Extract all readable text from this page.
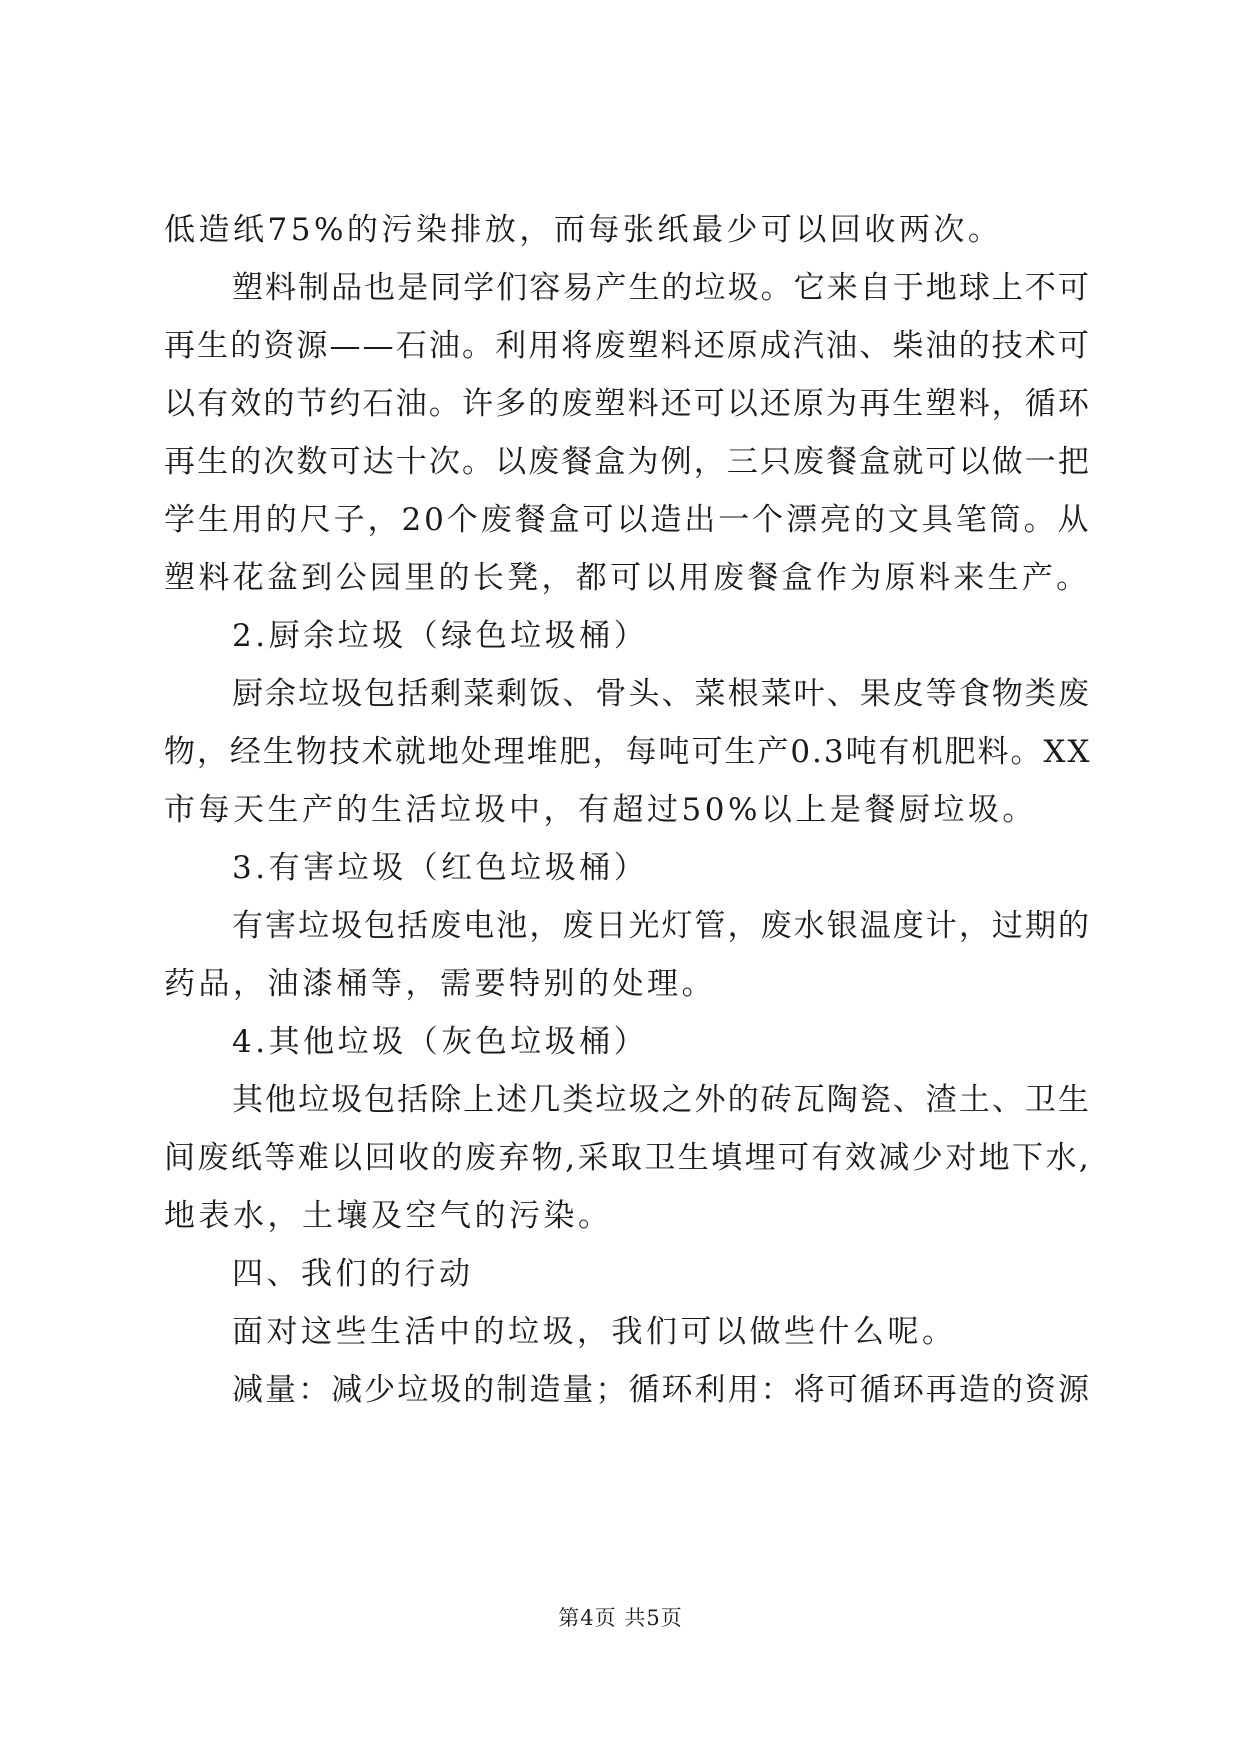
低造纸75%的污染排放，而每张纸最少可以回收两次。
塑料制品也是同学们容易产生的垃圾。它来自于地球上不可
再生的资源——石油。利用将废塑料还原成汽油、柴油的技术可
以有效的节约石油。许多的废塑料还可以还原为再生塑料，循环
再生的次数可达十次。以废餐盒为例，三只废餐盒就可以做一把
学生用的尺子，20个废餐盒可以造出一个漂亮的文具笔筒。从
塑料花盆到公园里的长凳，都可以用废餐盒作为原料来生产。
2.厨余垃圾（绿色垃圾桶）
厨余垃圾包括剩菜剩饭、骨头、菜根菜叶、果皮等食物类废
物，经生物技术就地处理堆肥，每吨可生产0.3吨有机肥料。XX
市每天生产的生活垃圾中，有超过50%以上是餐厨垃圾。
3.有害垃圾（红色垃圾桶）
有害垃圾包括废电池，废日光灯管，废水银温度计，过期的
药品，油漆桶等，需要特别的处理。
4.其他垃圾（灰色垃圾桶）
其他垃圾包括除上述几类垃圾之外的砖瓦陶瓷、渣土、卫生
间废纸等难以回收的废弃物,采取卫生填埋可有效减少对地下水,
地表水，土壤及空气的污染。
四、我们的行动
面对这些生活中的垃圾，我们可以做些什么呢。
减量：减少垃圾的制造量；循环利用：将可循环再造的资源
第4页 共5页
